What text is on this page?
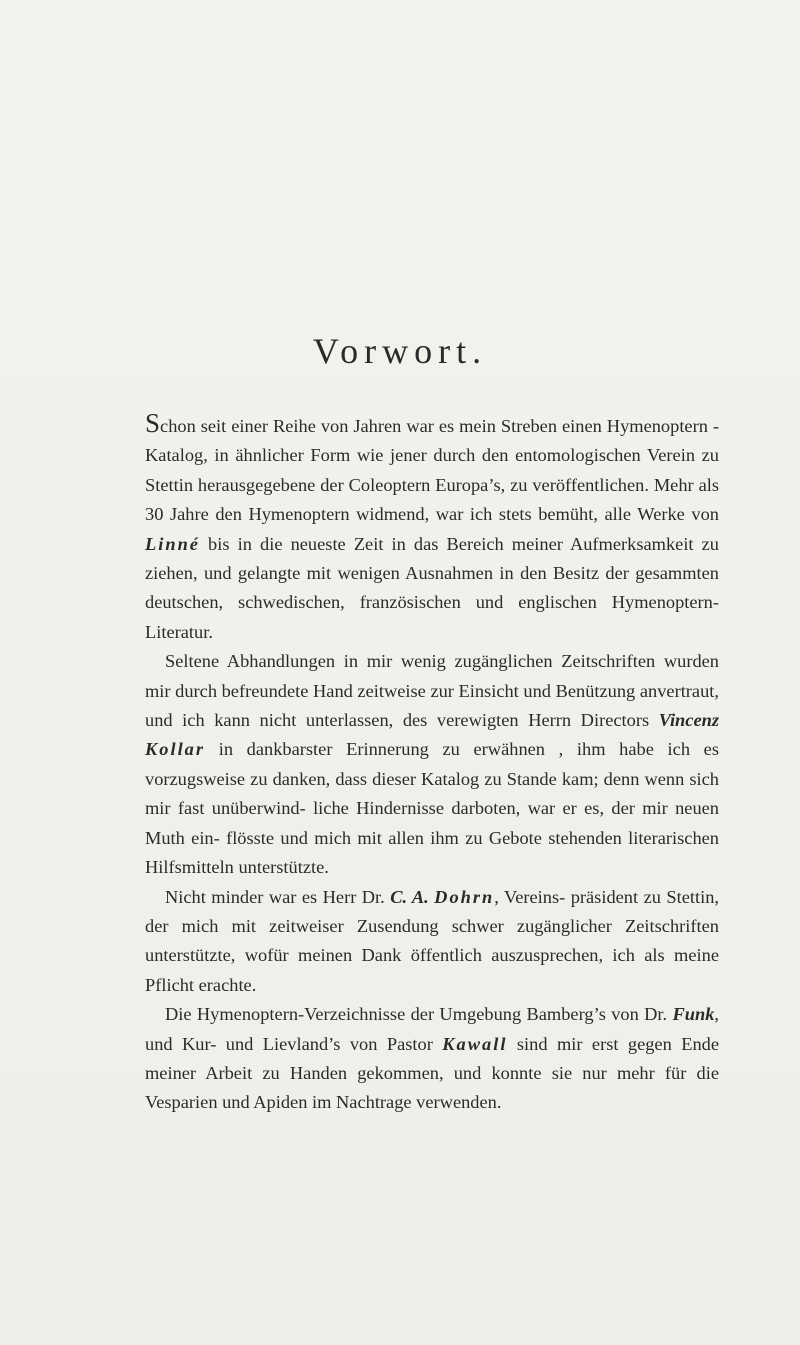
Vorwort.

Schon seit einer Reihe von Jahren war es mein Streben einen Hymenoptern - Katalog, in ähnlicher Form wie jener durch den entomologischen Verein zu Stettin herausgegebene der Coleoptern Europa’s, zu veröffentlichen. Mehr als 30 Jahre den Hymenoptern widmend, war ich stets bemüht, alle Werke von Linné bis in die neueste Zeit in das Bereich meiner Aufmerksamkeit zu ziehen, und gelangte mit wenigen Ausnahmen in den Besitz der gesammten deutschen, schwedischen, französischen und englischen Hymenoptern-Literatur.

Seltene Abhandlungen in mir wenig zugänglichen Zeitschriften wurden mir durch befreundete Hand zeitweise zur Einsicht und Benützung anvertraut, und ich kann nicht unterlassen, des verewigten Herrn Directors Vincenz Kollar in dankbarster Erinnerung zu erwähnen , ihm habe ich es vorzugsweise zu danken, dass dieser Katalog zu Stande kam; denn wenn sich mir fast unüberwind- liche Hindernisse darboten, war er es, der mir neuen Muth ein- flösste und mich mit allen ihm zu Gebote stehenden literarischen Hilfsmitteln unterstützte.

Nicht minder war es Herr Dr. C. A. Dohrn, Vereins- präsident zu Stettin, der mich mit zeitweiser Zusendung schwer zugänglicher Zeitschriften unterstützte, wofür meinen Dank öffentlich auszusprechen, ich als meine Pflicht erachte.

Die Hymenoptern-Verzeichnisse der Umgebung Bamberg’s von Dr. Funk, und Kur- und Lievland’s von Pastor Kawall sind mir erst gegen Ende meiner Arbeit zu Handen gekommen, und konnte sie nur mehr für die Vesparien und Apiden im Nachtrage verwenden.
